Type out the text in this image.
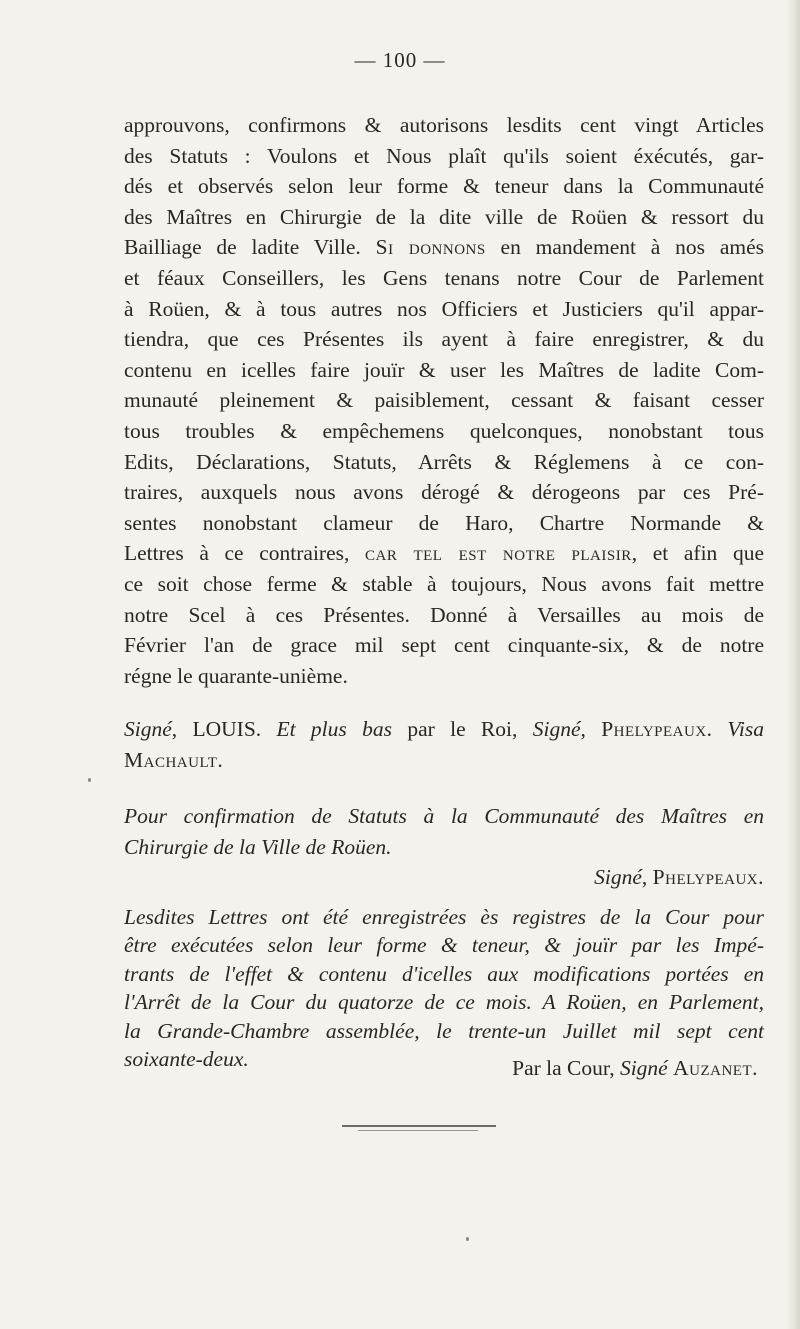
— 100 —
approuvons, confirmons & autorisons lesdits cent vingt Articles
des Statuts : Voulons et Nous plaît qu'ils soient éxécutés, gar-
dés et observés selon leur forme & teneur dans la Communauté
des Maîtres en Chirurgie de la dite ville de Roüen & ressort du
Bailliage de ladite Ville. Si donnons en mandement à nos amés
et féaux Conseillers, les Gens tenans notre Cour de Parlement
à Roüen, & à tous autres nos Officiers et Justiciers qu'il appar-
tiendra, que ces Présentes ils ayent à faire enregistrer, & du
contenu en icelles faire jouïr & user les Maîtres de ladite Com-
munauté pleinement & paisiblement, cessant & faisant cesser
tous troubles & empêchemens quelconques, nonobstant tous
Edits, Déclarations, Statuts, Arrêts & Réglemens à ce con-
traires, auxquels nous avons dérogé & dérogeons par ces Pré-
sentes nonobstant clameur de Haro, Chartre Normande &
Lettres à ce contraires, car tel est notre plaisir, et afin que
ce soit chose ferme & stable à toujours, Nous avons fait mettre
notre Scel à ces Présentes. Donné à Versailles au mois de
Février l'an de grace mil sept cent cinquante-six, & de notre
régne le quarante-unième.
Signé, LOUIS. Et plus bas par le Roi, Signé, Phelypeaux. Visa
Machault.
Pour confirmation de Statuts à la Communauté des Maîtres en
Chirurgie de la Ville de Roüen.
Signé, Phelypeaux.
Lesdites Lettres ont été enregistrées ès registres de la Cour pour
être exécutées selon leur forme & teneur, & jouïr par les Impé-
trants de l'effet & contenu d'icelles aux modifications portées en
l'Arrêt de la Cour du quatorze de ce mois. A Roüen, en Parlement,
la Grande-Chambre assemblée, le trente-un Juillet mil sept cent
soixante-deux.	Par la Cour, Signé Auzanet.
